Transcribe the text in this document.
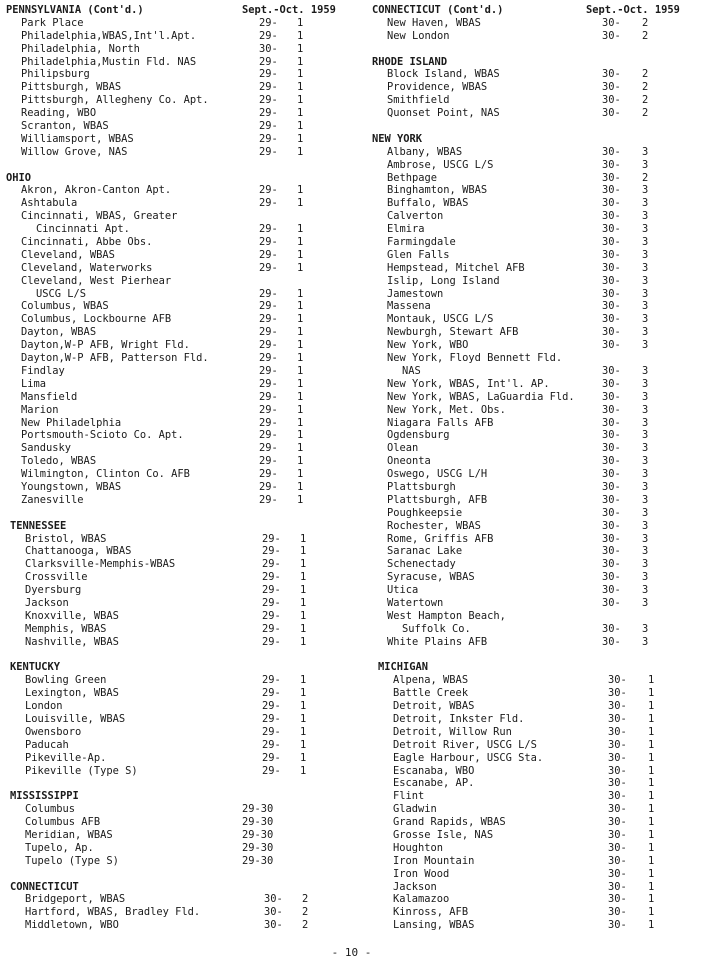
PENNSYLVANIA (Cont'd.)	Sept.-Oct. 1959
Park Place	29- 1
Philadelphia,WBAS,Int'l.Apt.	29- 1
Philadelphia, North	30- 1
Philadelphia,Mustin Fld. NAS	29- 1
Philipsburg	29- 1
Pittsburgh, WBAS	29- 1
Pittsburgh, Allegheny Co. Apt.	29- 1
Reading, WBO	29- 1
Scranton, WBAS	29- 1
Williamsport, WBAS	29- 1
Willow Grove, NAS	29- 1
OHIO
Akron, Akron-Canton Apt.	29- 1
Ashtabula	29- 1
Cincinnati, WBAS, Greater
Cincinnati Apt.	29- 1
Cincinnati, Abbe Obs.	29- 1
Cleveland, WBAS	29- 1
Cleveland, Waterworks	29- 1
Cleveland, West Pierhear
USCG L/S	29- 1
Columbus, WBAS	29- 1
Columbus, Lockbourne AFB	29- 1
Dayton, WBAS	29- 1
Dayton,W-P AFB, Wright Fld.	29- 1
Dayton,W-P AFB, Patterson Fld.	29- 1
Findlay	29- 1
Lima	29- 1
Mansfield	29- 1
Marion	29- 1
New Philadelphia	29- 1
Portsmouth-Scioto Co. Apt.	29- 1
Sandusky	29- 1
Toledo, WBAS	29- 1
Wilmington, Clinton Co. AFB	29- 1
Youngstown, WBAS	29- 1
Zanesville	29- 1
TENNESSEE
Bristol, WBAS	29- 1
Chattanooga, WBAS	29- 1
Clarksville-Memphis-WBAS	29- 1
Crossville	29- 1
Dyersburg	29- 1
Jackson	29- 1
Knoxville, WBAS	29- 1
Memphis, WBAS	29- 1
Nashville, WBAS	29- 1
KENTUCKY
Bowling Green	29- 1
Lexington, WBAS	29- 1
London	29- 1
Louisville, WBAS	29- 1
Owensboro	29- 1
Paducah	29- 1
Pikeville-Ap.	29- 1
Pikeville (Type S)	29- 1
MISSISSIPPI
Columbus	29-30
Columbus AFB	29-30
Meridian, WBAS	29-30
Tupelo, Ap.	29-30
Tupelo (Type S)	29-30
CONNECTICUT
Bridgeport, WBAS	30- 2
Hartford, WBAS, Bradley Fld.	30- 2
Middletown, WBO	30- 2
CONNECTICUT (Cont'd.)	Sept.-Oct. 1959
New Haven, WBAS	30- 2
New London	30- 2
RHODE ISLAND
Block Island, WBAS	30- 2
Providence, WBAS	30- 2
Smithfield	30- 2
Quonset Point, NAS	30- 2
NEW YORK
Albany, WBAS	30- 3
Ambrose, USCG L/S	30- 3
Bethpage	30- 2
Binghamton, WBAS	30- 3
Buffalo, WBAS	30- 3
Calverton	30- 3
Elmira	30- 3
Farmingdale	30- 3
Glen Falls	30- 3
Hempstead, Mitchel AFB	30- 3
Islip, Long Island	30- 3
Jamestown	30- 3
Massena	30- 3
Montauk, USCG L/S	30- 3
Newburgh, Stewart AFB	30- 3
New York, WBO	30- 3
New York, Floyd Bennett Fld.
NAS	30- 3
New York, WBAS, Int'l. AP.	30- 3
New York, WBAS, LaGuardia Fld.	30- 3
New York, Met. Obs.	30- 3
Niagara Falls AFB	30- 3
Ogdensburg	30- 3
Olean	30- 3
Oneonta	30- 3
Oswego, USCG L/H	30- 3
Plattsburgh	30- 3
Plattsburgh, AFB	30- 3
Poughkeepsie	30- 3
Rochester, WBAS	30- 3
Rome, Griffis AFB	30- 3
Saranac Lake	30- 3
Schenectady	30- 3
Syracuse, WBAS	30- 3
Utica	30- 3
Watertown	30- 3
West Hampton Beach,
Suffolk Co.	30- 3
White Plains AFB	30- 3
MICHIGAN
Alpena, WBAS	30- 1
Battle Creek	30- 1
Detroit, WBAS	30- 1
Detroit, Inkster Fld.	30- 1
Detroit, Willow Run	30- 1
Detroit River, USCG L/S	30- 1
Eagle Harbour, USCG Sta.	30- 1
Escanaba, WBO	30- 1
Escanabe, AP.	30- 1
Flint	30- 1
Gladwin	30- 1
Grand Rapids, WBAS	30- 1
Grosse Isle, NAS	30- 1
Houghton	30- 1
Iron Mountain	30- 1
Iron Wood	30- 1
Jackson	30- 1
Kalamazoo	30- 1
Kinross, AFB	30- 1
Lansing, WBAS	30- 1
- 10 -
